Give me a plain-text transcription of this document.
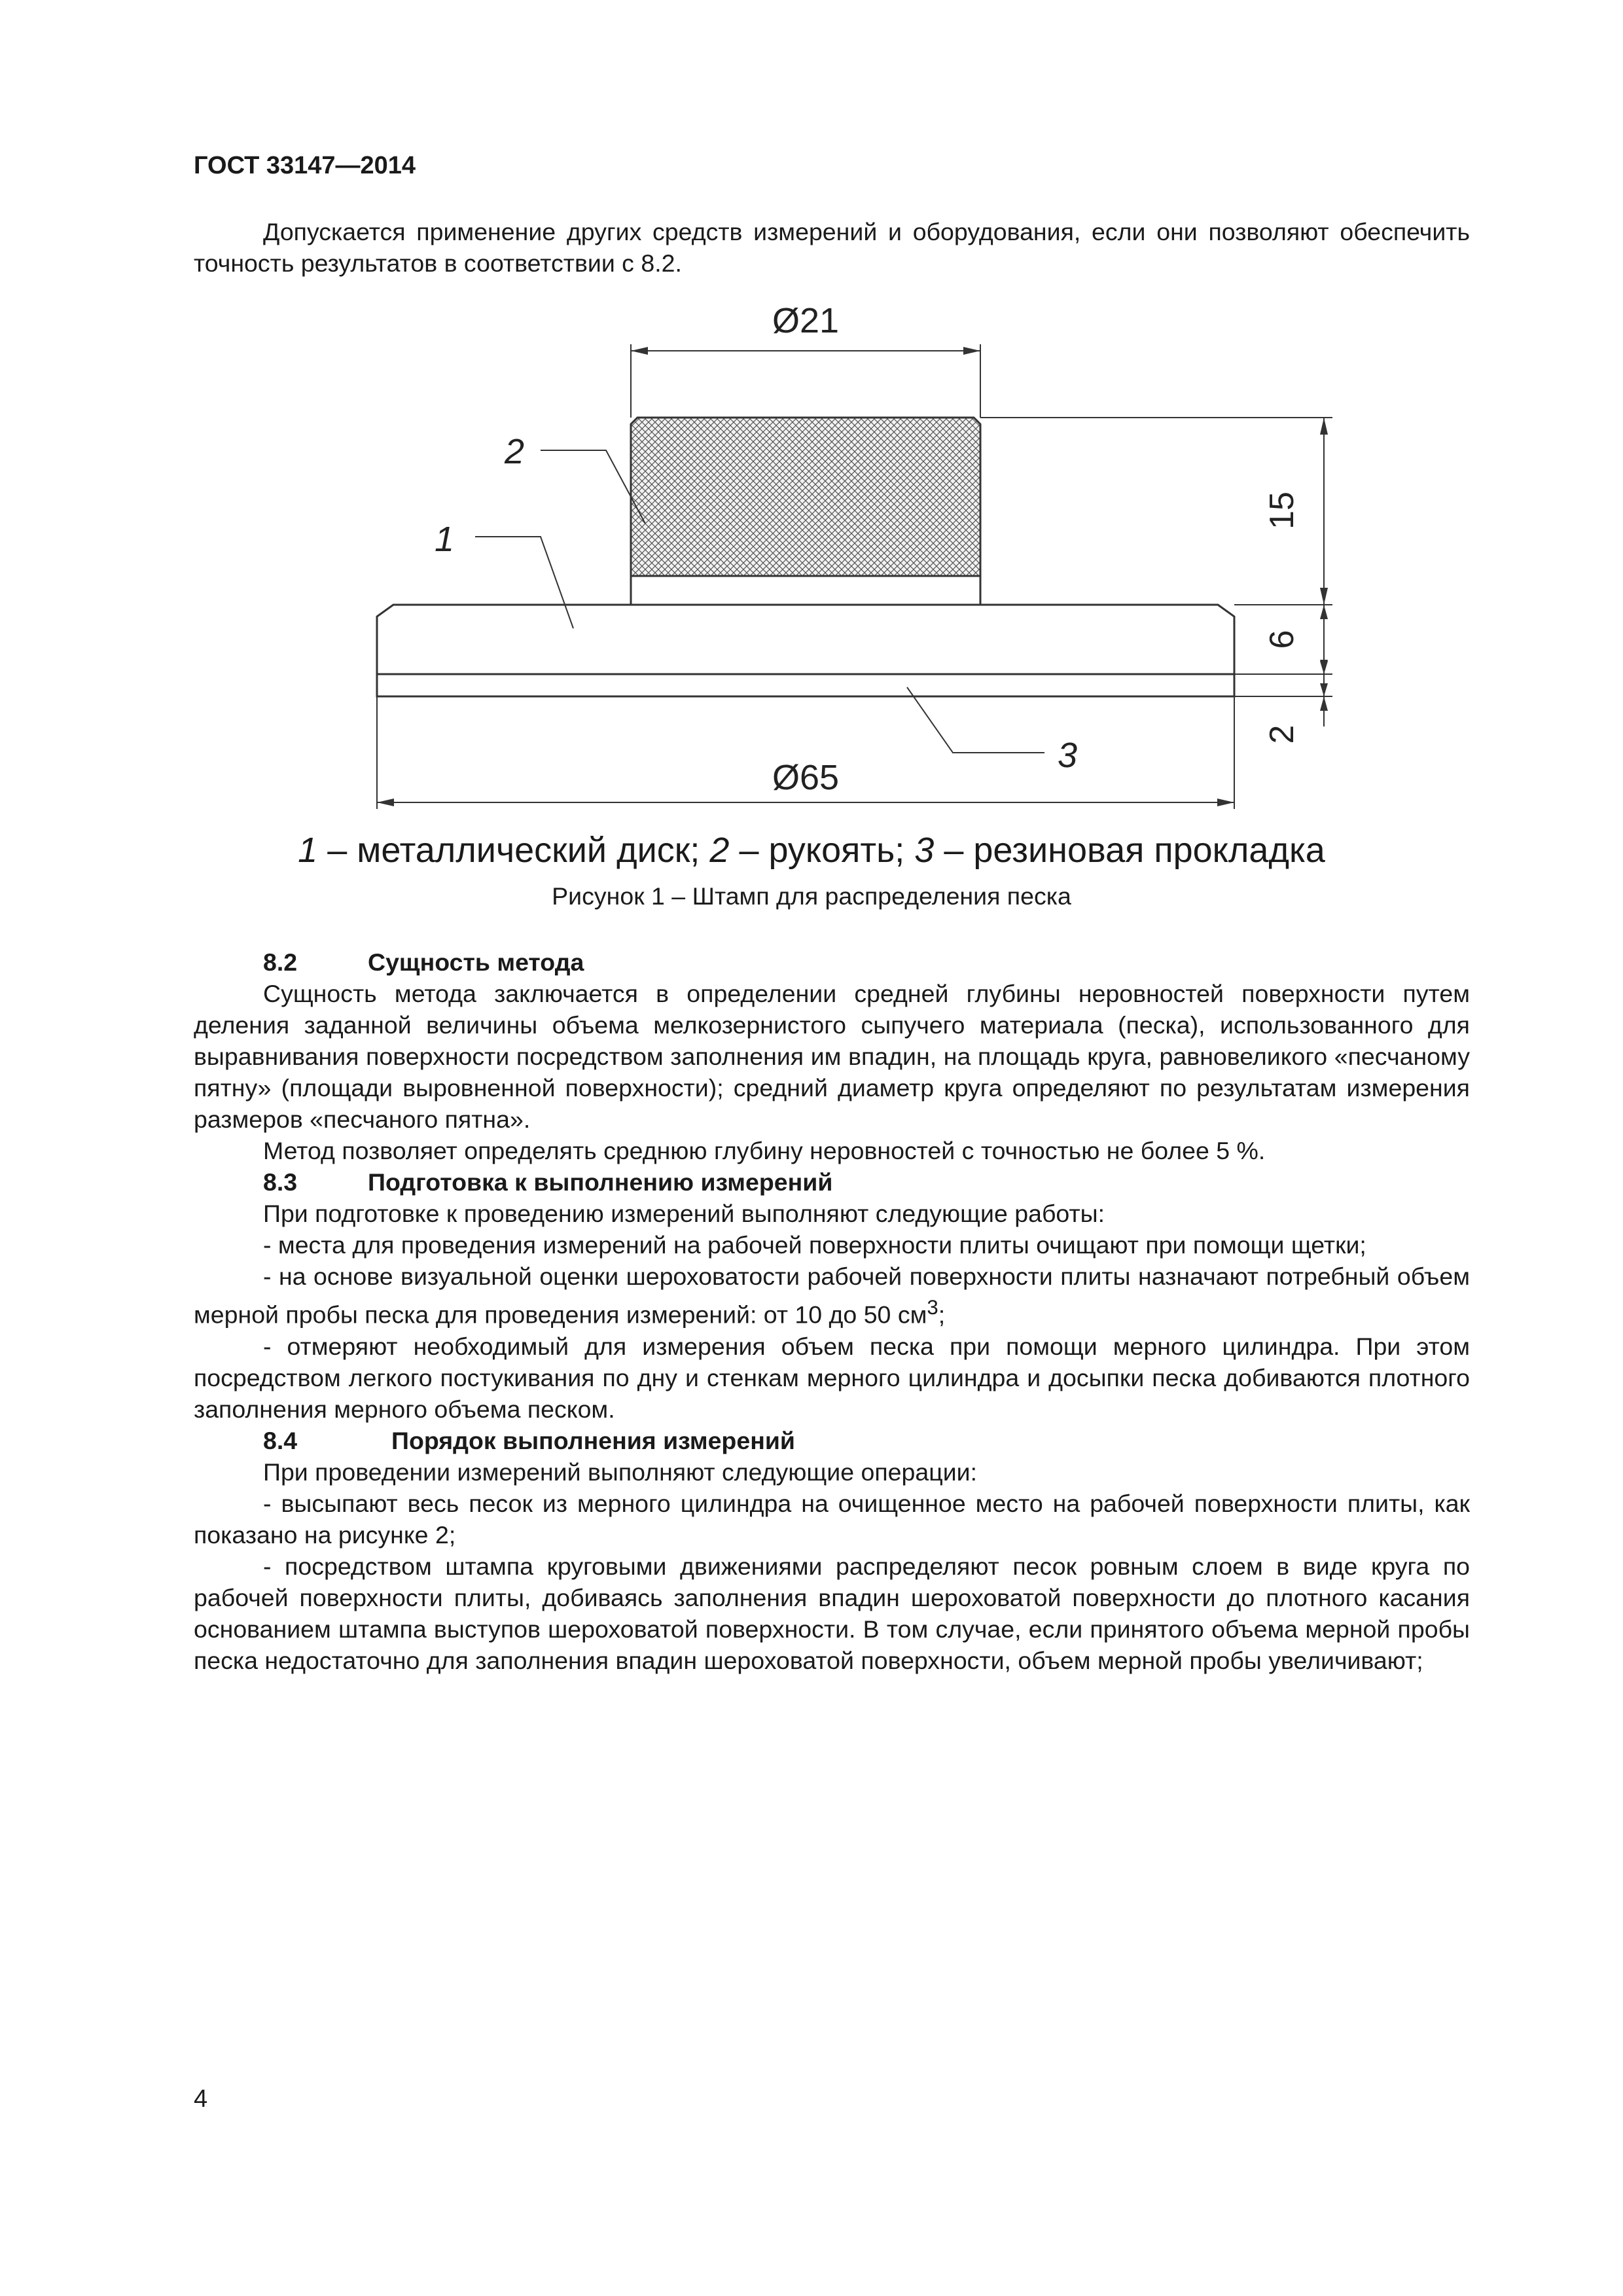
ГОСТ 33147—2014

Допускается применение других средств измерений и оборудования, если они позволяют обеспечить точность результатов в соответствии с 8.2.

Ø21
Ø65
15
6
2
2
1
3
1 – металлический диск; 2 – рукоять; 3 – резиновая прокладка
Рисунок 1 – Штамп для распределения песка
8.2	Сущность метода

Сущность метода заключается в определении средней глубины неровностей поверхности путем деления заданной величины объема мелкозернистого сыпучего материала (песка), использованного для выравнивания поверхности посредством заполнения им впадин, на площадь круга, равновеликого «песчаному пятну» (площади выровненной поверхности); средний диаметр круга определяют по результатам измерения размеров «песчаного пятна».

Метод позволяет определять среднюю глубину неровностей с точностью не более 5 %.

8.3	Подготовка к выполнению измерений

При подготовке к проведению измерений выполняют следующие работы:

- места для проведения измерений на рабочей поверхности плиты очищают при помощи щетки;

- на основе визуальной оценки шероховатости рабочей поверхности плиты назначают потребный объем мерной пробы песка для проведения измерений: от 10 до 50 $см^3$;

- отмеряют необходимый для измерения объем песка при помощи мерного цилиндра. При этом посредством легкого постукивания по дну и стенкам мерного цилиндра и досыпки песка добиваются плотного заполнения мерного объема песком.

8.4	Порядок выполнения измерений

При проведении измерений выполняют следующие операции:

- высыпают весь песок из мерного цилиндра на очищенное место на рабочей поверхности плиты, как показано на рисунке 2;

- посредством штампа круговыми движениями распределяют песок ровным слоем в виде круга по рабочей поверхности плиты, добиваясь заполнения впадин шероховатой поверхности до плотного касания основанием штампа выступов шероховатой поверхности. В том случае, если принятого объема мерной пробы песка недостаточно для заполнения впадин шероховатой поверхности, объем мерной пробы увеличивают;

4
